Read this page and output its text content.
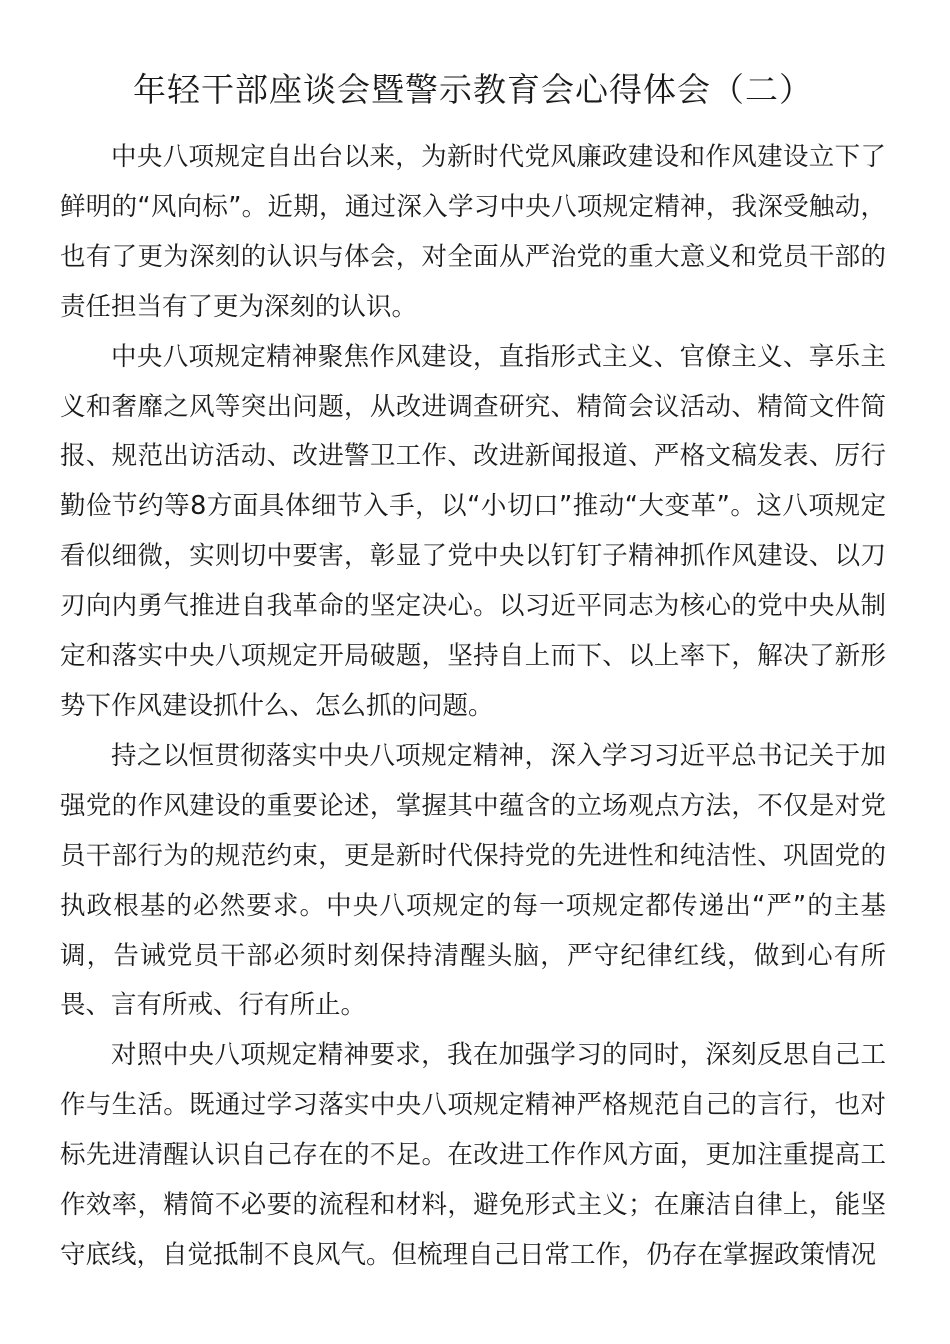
年轻干部座谈会暨警示教育会心得体会（二）

中央八项规定自出台以来，为新时代党风廉政建设和作风建设立下了鲜明的“风向标”。近期，通过深入学习中央八项规定精神，我深受触动，也有了更为深刻的认识与体会，对全面从严治党的重大意义和党员干部的责任担当有了更为深刻的认识。

中央八项规定精神聚焦作风建设，直指形式主义、官僚主义、享乐主义和奢靡之风等突出问题，从改进调查研究、精简会议活动、精简文件简报、规范出访活动、改进警卫工作、改进新闻报道、严格文稿发表、厉行勤俭节约等8方面具体细节入手，以“小切口”推动“大变革”。这八项规定看似细微，实则切中要害，彰显了党中央以钉钉子精神抓作风建设、以刀刃向内勇气推进自我革命的坚定决心。以习近平同志为核心的党中央从制定和落实中央八项规定开局破题，坚持自上而下、以上率下，解决了新形势下作风建设抓什么、怎么抓的问题。

持之以恒贯彻落实中央八项规定精神，深入学习习近平总书记关于加强党的作风建设的重要论述，掌握其中蕴含的立场观点方法，不仅是对党员干部行为的规范约束，更是新时代保持党的先进性和纯洁性、巩固党的执政根基的必然要求。中央八项规定的每一项规定都传递出“严”的主基调，告诫党员干部必须时刻保持清醒头脑，严守纪律红线，做到心有所畏、言有所戒、行有所止。

对照中央八项规定精神要求，我在加强学习的同时，深刻反思自己工作与生活。既通过学习落实中央八项规定精神严格规范自己的言行，也对标先进清醒认识自己存在的不足。在改进工作作风方面，更加注重提高工作效率，精简不必要的流程和材料，避免形式主义；在廉洁自律上，能坚守底线，自觉抵制不良风气。但梳理自己日常工作，仍存在掌握政策情况
